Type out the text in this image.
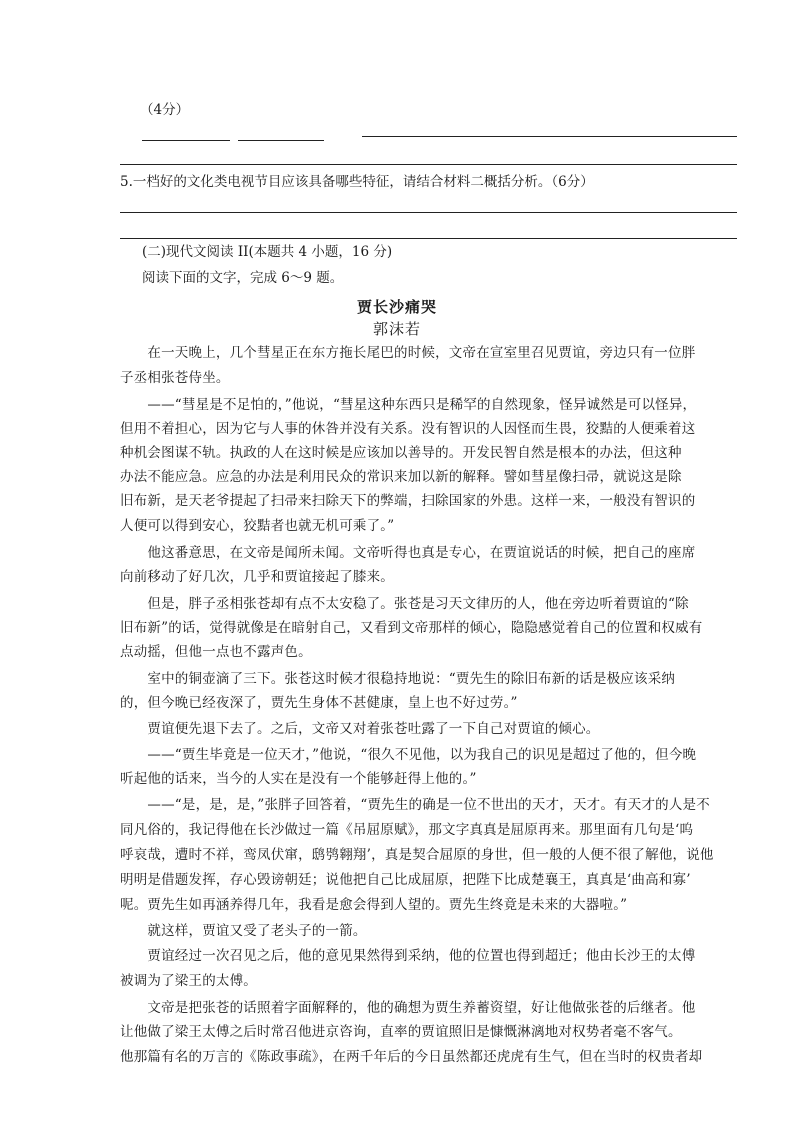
（4分）
5.一档好的文化类电视节目应该具备哪些特征，请结合材料二概括分析。（6分）
(二)现代文阅读 II(本题共 4 小题，16 分)
阅读下面的文字，完成 6～9 题。
贾长沙痛哭
郭沫若
　　在一天晚上，几个彗星正在东方拖长尾巴的时候，文帝在宣室里召见贾谊，旁边只有一位胖
子丞相张苍侍坐。
　　——“彗星是不足怕的，”他说，“彗星这种东西只是稀罕的自然现象，怪异诚然是可以怪异，
但用不着担心，因为它与人事的休咎并没有关系。没有智识的人因怪而生畏，狡黠的人便乘着这
种机会图谋不轨。执政的人在这时候是应该加以善导的。开发民智自然是根本的办法，但这种
办法不能应急。应急的办法是利用民众的常识来加以新的解释。譬如彗星像扫帚，就说这是除
旧布新，是天老爷提起了扫帚来扫除天下的弊端，扫除国家的外患。这样一来，一般没有智识的
人便可以得到安心，狡黠者也就无机可乘了。”
　　他这番意思，在文帝是闻所未闻。文帝听得也真是专心，在贾谊说话的时候，把自己的座席
向前移动了好几次，几乎和贾谊接起了膝来。
　　但是，胖子丞相张苍却有点不太安稳了。张苍是习天文律历的人，他在旁边听着贾谊的“除
旧布新”的话，觉得就像是在暗射自己，又看到文帝那样的倾心，隐隐感觉着自己的位置和权威有
点动摇，但他一点也不露声色。
　　室中的铜壶滴了三下。张苍这时候才很稳持地说：“贾先生的除旧布新的话是极应该采纳
的，但今晚已经夜深了，贾先生身体不甚健康，皇上也不好过劳。”
　　贾谊便先退下去了。之后，文帝又对着张苍吐露了一下自己对贾谊的倾心。
　　——“贾生毕竟是一位天才，”他说，“很久不见他，以为我自己的识见是超过了他的，但今晚
听起他的话来，当今的人实在是没有一个能够赶得上他的。”
　　——“是，是，是，”张胖子回答着，“贾先生的确是一位不世出的天才，天才。有天才的人是不
同凡俗的，我记得他在长沙做过一篇《吊屈原赋》，那文字真真是屈原再来。那里面有几句是‘呜
呼哀哉，遭时不祥，鸾凤伏窜，鸱鸮翱翔’，真是契合屈原的身世，但一般的人便不很了解他，说他
明明是借题发挥，存心毁谤朝廷；说他把自己比成屈原，把陛下比成楚襄王，真真是‘曲高和寡’
呢。贾先生如再涵养得几年，我看是愈会得到人望的。贾先生终竟是未来的大器啦。”
　　就这样，贾谊又受了老头子的一箭。
　　贾谊经过一次召见之后，他的意见果然得到采纳，他的位置也得到超迁；他由长沙王的太傅
被调为了梁王的太傅。
　　文帝是把张苍的话照着字面解释的，他的确想为贾生养蓄资望，好让他做张苍的后继者。他
让他做了梁王太傅之后时常召他进京咨询，直率的贾谊照旧是慷慨淋漓地对权势者毫不客气。
他那篇有名的万言的《陈政事疏》，在两千年后的今日虽然都还虎虎有生气，但在当时的权贵者却
